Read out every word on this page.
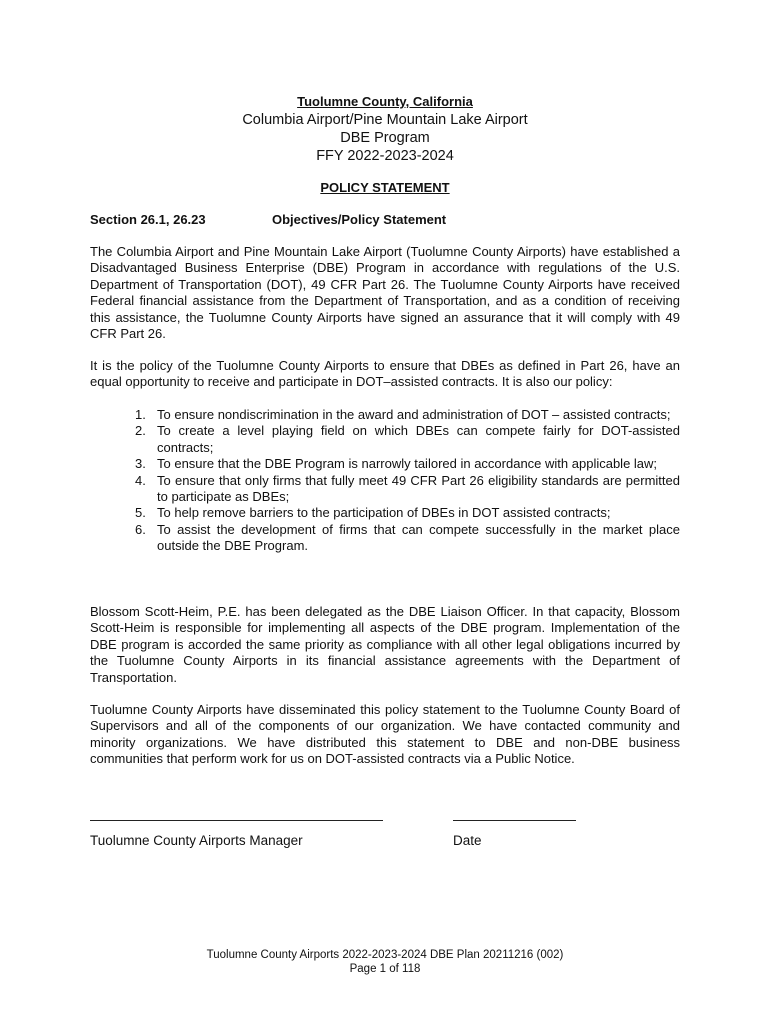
Tuolumne County, California
Columbia Airport/Pine Mountain Lake Airport
DBE Program
FFY 2022-2023-2024
POLICY STATEMENT
Section 26.1, 26.23	Objectives/Policy Statement

The Columbia Airport and Pine Mountain Lake Airport (Tuolumne County Airports) have established a Disadvantaged Business Enterprise (DBE) Program in accordance with regulations of the U.S. Department of Transportation (DOT), 49 CFR Part 26. The Tuolumne County Airports have received Federal financial assistance from the Department of Transportation, and as a condition of receiving this assistance, the Tuolumne County Airports have signed an assurance that it will comply with 49 CFR Part 26.

It is the policy of the Tuolumne County Airports to ensure that DBEs as defined in Part 26, have an equal opportunity to receive and participate in DOT–assisted contracts. It is also our policy:

1. To ensure nondiscrimination in the award and administration of DOT – assisted contracts;
2. To create a level playing field on which DBEs can compete fairly for DOT-assisted contracts;
3. To ensure that the DBE Program is narrowly tailored in accordance with applicable law;
4. To ensure that only firms that fully meet 49 CFR Part 26 eligibility standards are permitted to participate as DBEs;
5. To help remove barriers to the participation of DBEs in DOT assisted contracts;
6. To assist the development of firms that can compete successfully in the market place outside the DBE Program.

Blossom Scott-Heim, P.E. has been delegated as the DBE Liaison Officer. In that capacity, Blossom Scott-Heim is responsible for implementing all aspects of the DBE program. Implementation of the DBE program is accorded the same priority as compliance with all other legal obligations incurred by the Tuolumne County Airports in its financial assistance agreements with the Department of Transportation.

Tuolumne County Airports have disseminated this policy statement to the Tuolumne County Board of Supervisors and all of the components of our organization. We have contacted community and minority organizations. We have distributed this statement to DBE and non-DBE business communities that perform work for us on DOT-assisted contracts via a Public Notice.

Tuolumne County Airports Manager	Date
Tuolumne County Airports 2022-2023-2024 DBE Plan 20211216 (002)
Page 1 of 118
